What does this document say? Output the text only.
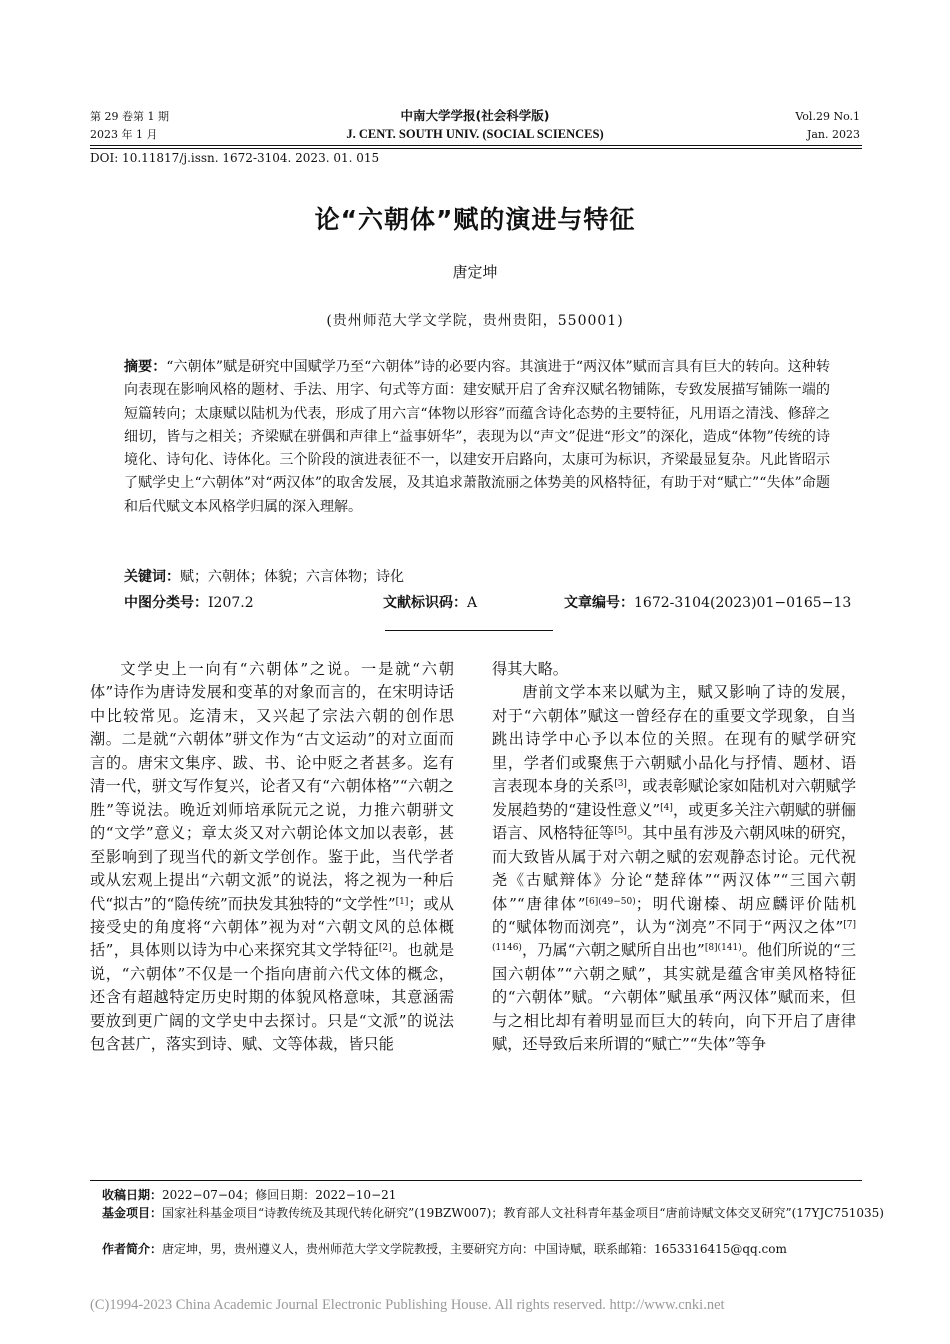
第 29 卷第 1 期
2023 年 1 月
中南大学学报(社会科学版)
J. CENT. SOUTH UNIV. (SOCIAL SCIENCES)
Vol.29 No.1
Jan. 2023
DOI: 10.11817/j.issn. 1672-3104. 2023. 01. 015
论“六朝体”赋的演进与特征
唐定坤
(贵州师范大学文学院，贵州贵阳，550001)
摘要：“六朝体”赋是研究中国赋学乃至“六朝体”诗的必要内容。其演进于“两汉体”赋而言具有巨大的转向。这种转向表现在影响风格的题材、手法、用字、句式等方面：建安赋开启了舍弃汉赋名物铺陈，专致发展描写铺陈一端的短篇转向；太康赋以陆机为代表，形成了用六言“体物以形容”而蕴含诗化态势的主要特征，凡用语之清浅、修辞之细切，皆与之相关；齐梁赋在骈偶和声律上“益事妍华”，表现为以“声文”促进“形文”的深化，造成“体物”传统的诗境化、诗句化、诗体化。三个阶段的演进表征不一，以建安开启路向，太康可为标识，齐梁最显复杂。凡此皆昭示了赋学史上“六朝体”对“两汉体”的取舍发展，及其追求萧散流丽之体势美的风格特征，有助于对“赋亡”“失体”命题和后代赋文本风格学归属的深入理解。
关键词：赋；六朝体；体貌；六言体物；诗化
中图分类号：I207.2	文献标识码：A	文章编号：1672-3104(2023)01−0165−13

文学史上一向有“六朝体”之说。一是就“六朝体”诗作为唐诗发展和变革的对象而言的，在宋明诗话中比较常见。迄清末，又兴起了宗法六朝的创作思潮。二是就“六朝体”骈文作为“古文运动”的对立面而言的。唐宋文集序、跋、书、论中贬之者甚多。迄有清一代，骈文写作复兴，论者又有“六朝体格”“六朝之胜”等说法。晚近刘师培承阮元之说，力推六朝骈文的“文学”意义；章太炎又对六朝论体文加以表彰，甚至影响到了现当代的新文学创作。鉴于此，当代学者或从宏观上提出“六朝文派”的说法，将之视为一种后代“拟古”的“隐传统”而抉发其独特的“文学性”[1]；或从接受史的角度将“六朝体”视为对“六朝文风的总体概括”，具体则以诗为中心来探究其文学特征[2]。也就是说，“六朝体”不仅是一个指向唐前六代文体的概念，还含有超越特定历史时期的体貌风格意味，其意涵需要放到更广阔的文学史中去探讨。只是“文派”的说法包含甚广，落实到诗、赋、文等体裁，皆只能

得其大略。

唐前文学本来以赋为主，赋又影响了诗的发展，对于“六朝体”赋这一曾经存在的重要文学现象，自当跳出诗学中心予以本位的关照。在现有的赋学研究里，学者们或聚焦于六朝赋小品化与抒情、题材、语言表现本身的关系[3]，或表彰赋论家如陆机对六朝赋学发展趋势的“建设性意义”[4]，或更多关注六朝赋的骈俪语言、风格特征等[5]。其中虽有涉及六朝风味的研究，而大致皆从属于对六朝之赋的宏观静态讨论。元代祝尧《古赋辩体》分论“楚辞体”“两汉体”“三国六朝体”“唐律体”$^{[6](49-50)}$；明代谢榛、胡应麟评价陆机的“赋体物而浏亮”，认为“浏亮”不同于“两汉之体”$^{[7](1146)}$，乃属“六朝之赋所自出也”$^{[8](141)}$。他们所说的“三国六朝体”“六朝之赋”，其实就是蕴含审美风格特征的“六朝体”赋。“六朝体”赋虽承“两汉体”赋而来，但与之相比却有着明显而巨大的转向，向下开启了唐律赋，还导致后来所谓的“赋亡”“失体”等争

收稿日期：2022−07−04；修回日期：2022−10−21
基金项目：国家社科基金项目“诗教传统及其现代转化研究”(19BZW007)；教育部人文社科青年基金项目“唐前诗赋文体交叉研究”(17YJC751035)
作者简介：唐定坤，男，贵州遵义人，贵州师范大学文学院教授，主要研究方向：中国诗赋，联系邮箱：1653316415@qq.com
(C)1994-2023 China Academic Journal Electronic Publishing House. All rights reserved. http://www.cnki.net
